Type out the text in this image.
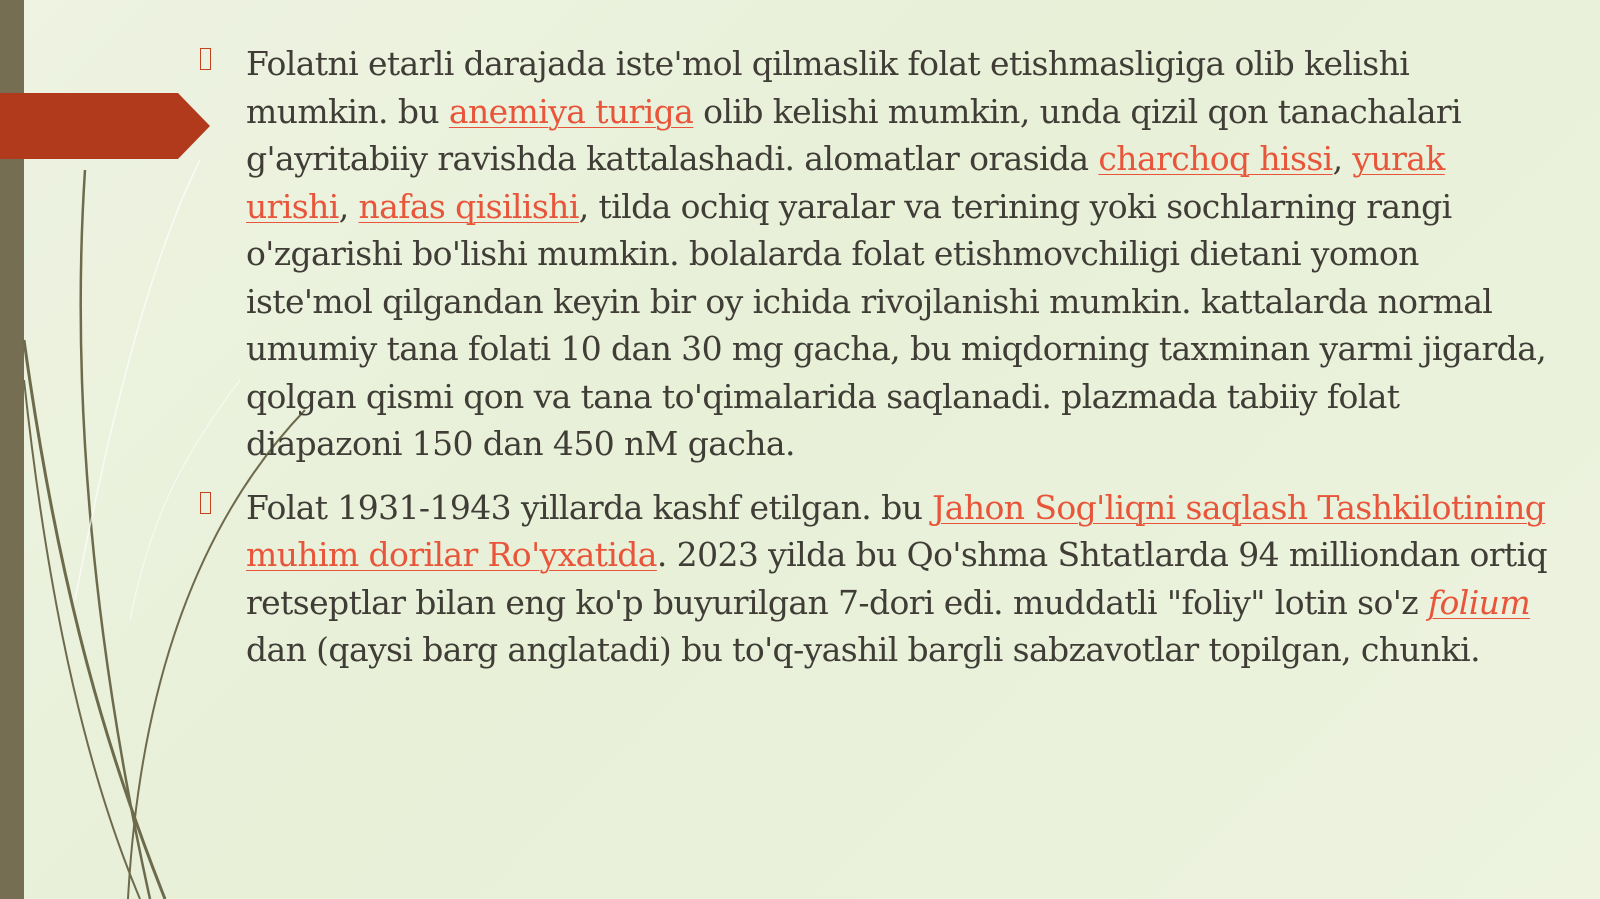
Folatni etarli darajada iste'mol qilmaslik folat etishmasligiga olib kelishi mumkin. bu anemiya turiga olib kelishi mumkin, unda qizil qon tanachalari g'ayritabiiy ravishda kattalashadi. alomatlar orasida charchoq hissi, yurak urishi, nafas qisilishi, tilda ochiq yaralar va terining yoki sochlarning rangi o'zgarishi bo'lishi mumkin. bolalarda folat etishmovchiligi dietani yomon iste'mol qilgandan keyin bir oy ichida rivojlanishi mumkin. kattalarda normal umumiy tana folati 10 dan 30 mg gacha, bu miqdorning taxminan yarmi jigarda, qolgan qismi qon va tana to'qimalarida saqlanadi. plazmada tabiiy folat diapazoni 150 dan 450 nM gacha.
Folat 1931-1943 yillarda kashf etilgan. bu Jahon Sog'liqni saqlash Tashkilotining muhim dorilar Ro'yxatida. 2023 yilda bu Qo'shma Shtatlarda 94 milliondan ortiq retseptlar bilan eng ko'p buyurilgan 7-dori edi. muddatli "foliy" lotin so'z folium dan (qaysi barg anglatadi) bu to'q-yashil bargli sabzavotlar topilgan, chunki.
